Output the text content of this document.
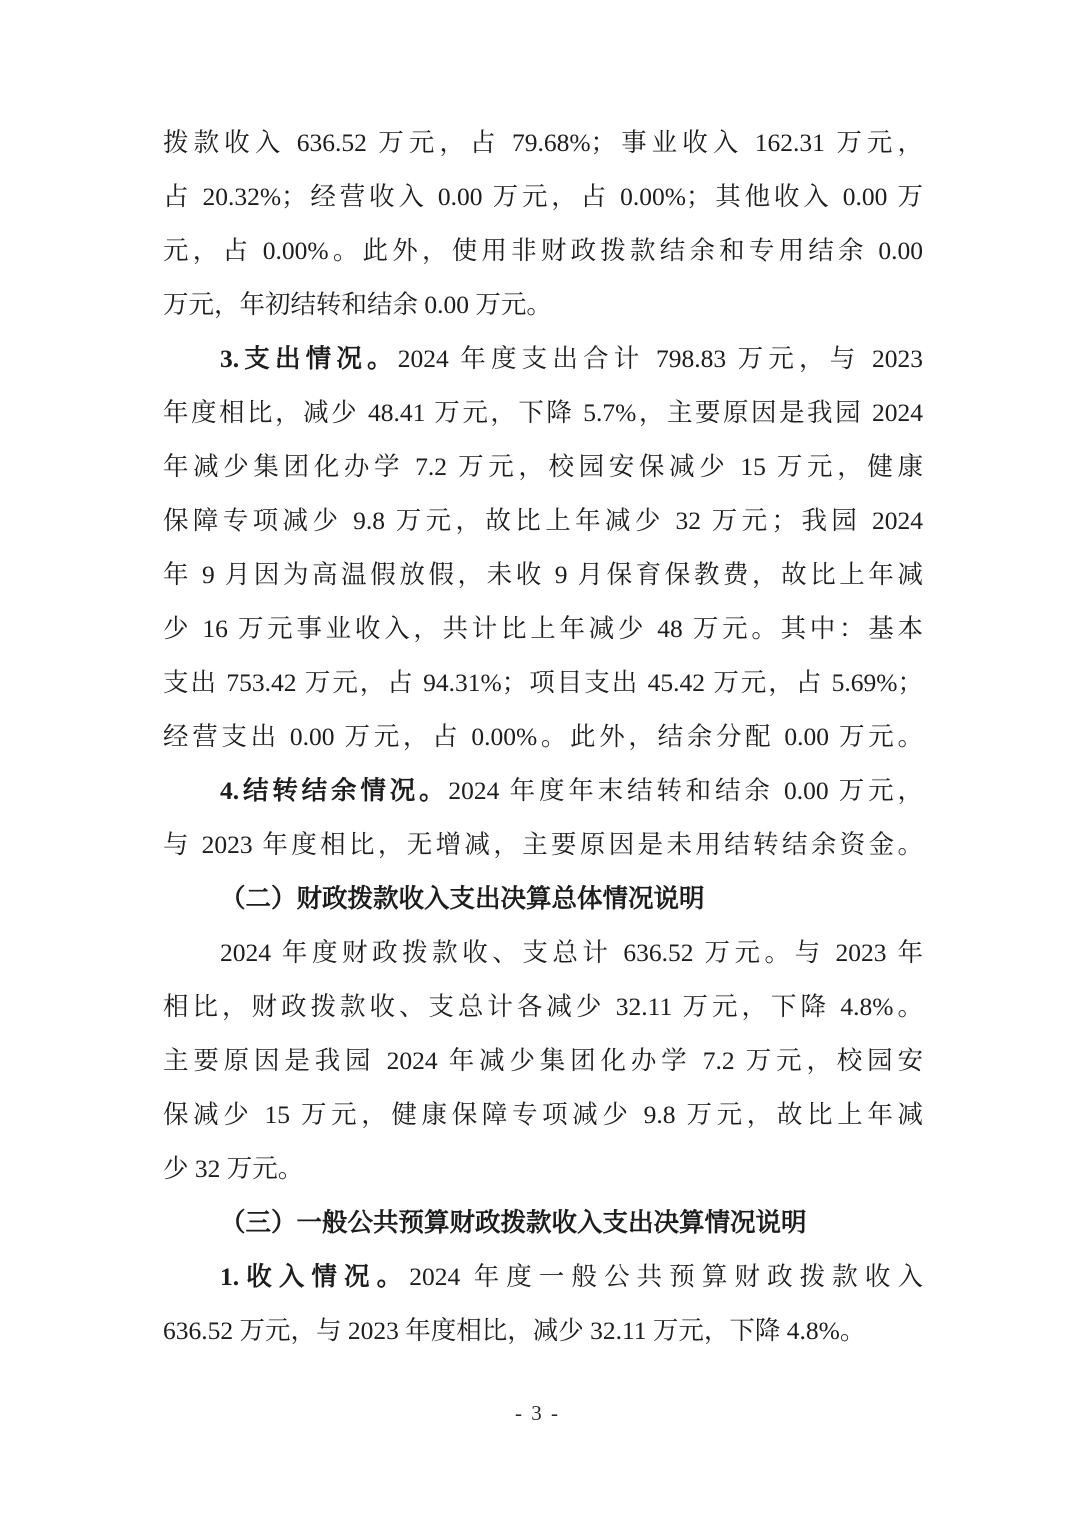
拨款收入 636.52 万元，占 79.68%；事业收入 162.31 万元，
占 20.32%；经营收入 0.00 万元，占 0.00%；其他收入 0.00 万
元，占 0.00%。此外，使用非财政拨款结余和专用结余 0.00
万元，年初结转和结余 0.00 万元。
3.支出情况。2024 年度支出合计 798.83 万元，与 2023
年度相比，减少 48.41 万元，下降 5.7%，主要原因是我园 2024
年减少集团化办学 7.2 万元，校园安保减少 15 万元，健康
保障专项减少 9.8 万元，故比上年减少 32 万元；我园 2024
年 9 月因为高温假放假，未收 9 月保育保教费，故比上年减
少 16 万元事业收入，共计比上年减少 48 万元。其中：基本
支出 753.42 万元，占 94.31%；项目支出 45.42 万元，占 5.69%；
经营支出 0.00 万元，占 0.00%。此外，结余分配 0.00 万元。
4.结转结余情况。2024 年度年末结转和结余 0.00 万元，
与 2023 年度相比，无增减，主要原因是未用结转结余资金。
（二）财政拨款收入支出决算总体情况说明
2024 年度财政拨款收、支总计 636.52 万元。与 2023 年
相比，财政拨款收、支总计各减少 32.11 万元，下降 4.8%。
主要原因是我园 2024 年减少集团化办学 7.2 万元，校园安
保减少 15 万元，健康保障专项减少 9.8 万元，故比上年减
少 32 万元。
（三）一般公共预算财政拨款收入支出决算情况说明
1.收入情况。2024 年度一般公共预算财政拨款收入
636.52 万元，与 2023 年度相比，减少 32.11 万元，下降 4.8%。
- 3 -
